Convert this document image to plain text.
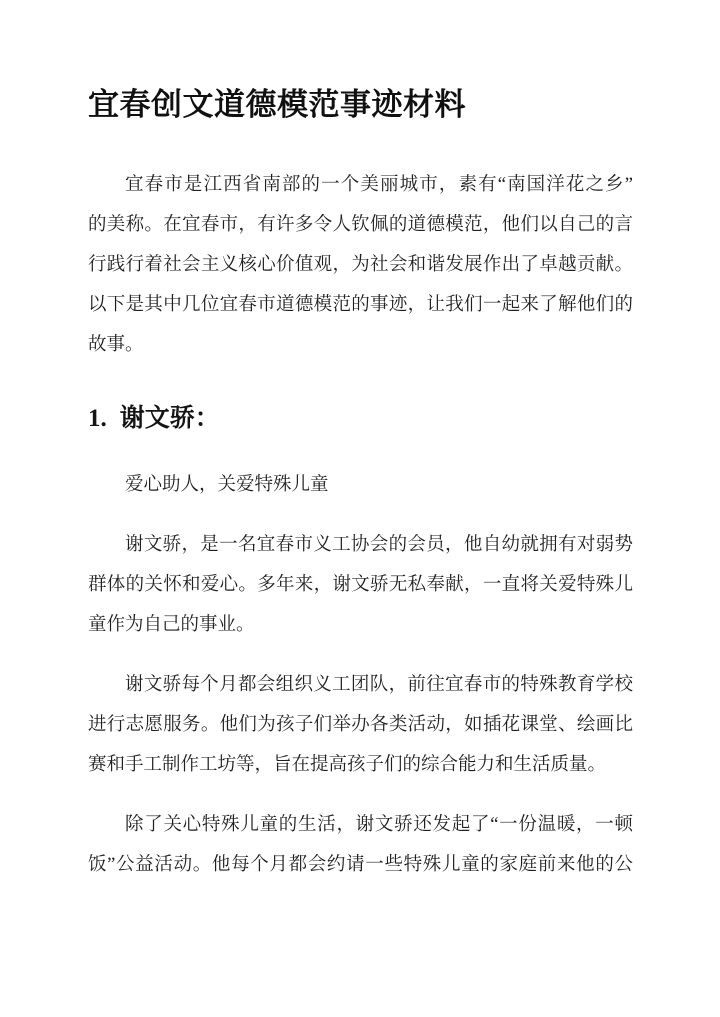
宜春创文道德模范事迹材料
宜春市是江西省南部的一个美丽城市，素有“南国洋花之乡”
的美称。在宜春市，有许多令人钦佩的道德模范，他们以自己的言
行践行着社会主义核心价值观，为社会和谐发展作出了卓越贡献。
以下是其中几位宜春市道德模范的事迹，让我们一起来了解他们的
故事。
1. 谢文骄：
爱心助人，关爱特殊儿童
谢文骄，是一名宜春市义工协会的会员，他自幼就拥有对弱势
群体的关怀和爱心。多年来，谢文骄无私奉献，一直将关爱特殊儿
童作为自己的事业。
谢文骄每个月都会组织义工团队，前往宜春市的特殊教育学校
进行志愿服务。他们为孩子们举办各类活动，如插花课堂、绘画比
赛和手工制作工坊等，旨在提高孩子们的综合能力和生活质量。
除了关心特殊儿童的生活，谢文骄还发起了“一份温暖，一顿
饭”公益活动。他每个月都会约请一些特殊儿童的家庭前来他的公
